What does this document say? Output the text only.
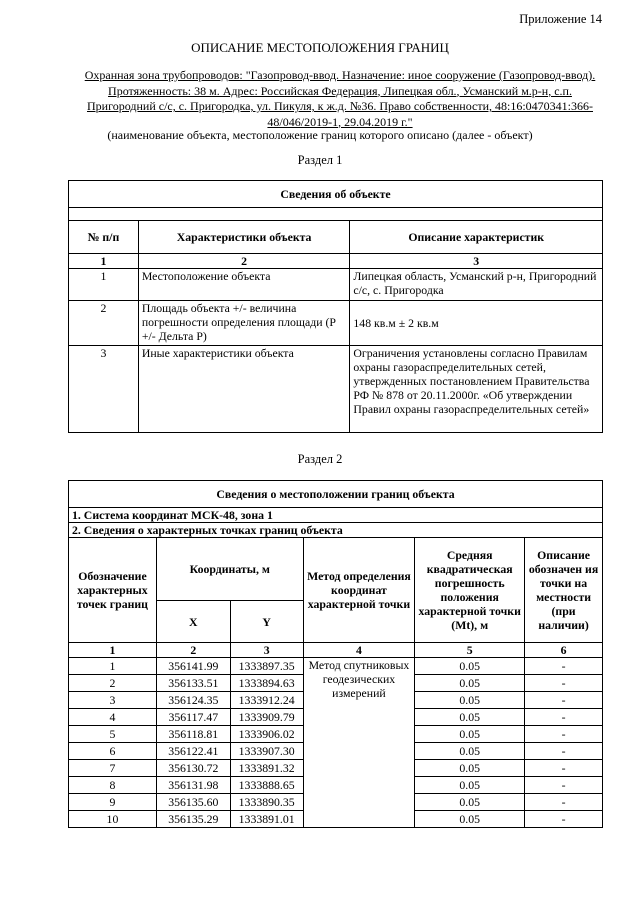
Приложение 14
ОПИСАНИЕ МЕСТОПОЛОЖЕНИЯ ГРАНИЦ
Охранная зона трубопроводов: "Газопровод-ввод. Назначение: иное сооружение (Газопровод-ввод).
Протяженность: 38 м. Адрес: Российская Федерация, Липецкая обл., Усманский м.р-н, с.п.
Пригородний с/с, с. Пригородка, ул. Пикуля, к ж.д. №36. Право собственности, 48:16:0470341:366-
48/046/2019-1, 29.04.2019 г."
(наименование объекта, местоположение границ которого описано (далее - объект)
Раздел 1
Сведения об объекте		

№ п/п	Характеристики объекта	Описание характеристик
1	2	3
1	Местоположение объекта	Липецкая область, Усманский р-н, Пригородний с/с, с. Пригородка
2	Площадь объекта +/- величина погрешности определения площади (P +/- Дельта P)	148 кв.м ± 2 кв.м
3	Иные характеристики объекта	Ограничения установлены согласно Правилам охраны газораспределительных сетей, утвержденных постановлением Правительства РФ № 878 от 20.11.2000г. «Об утверждении Правил охраны газораспределительных сетей»
Раздел 2
Сведения о местоположении границ объекта					
1. Система координат МСК-48, зона 1					
2. Сведения о характерных точках границ объекта					
Обозначение характерных точек границ	Координаты, м		Метод определения координат характерной точки	Средняя квадратическая погрешность положения характерной точки (Mt), м	Описание обозначен ия точки на местности (при наличии)
	X	Y			
1	2	3	4	5	6
1	356141.99	1333897.35	Метод спутниковых геодезических измерений	0.05	-
2	356133.51	1333894.63		0.05	-
3	356124.35	1333912.24		0.05	-
4	356117.47	1333909.79		0.05	-
5	356118.81	1333906.02		0.05	-
6	356122.41	1333907.30		0.05	-
7	356130.72	1333891.32		0.05	-
8	356131.98	1333888.65		0.05	-
9	356135.60	1333890.35		0.05	-
10	356135.29	1333891.01		0.05	-
